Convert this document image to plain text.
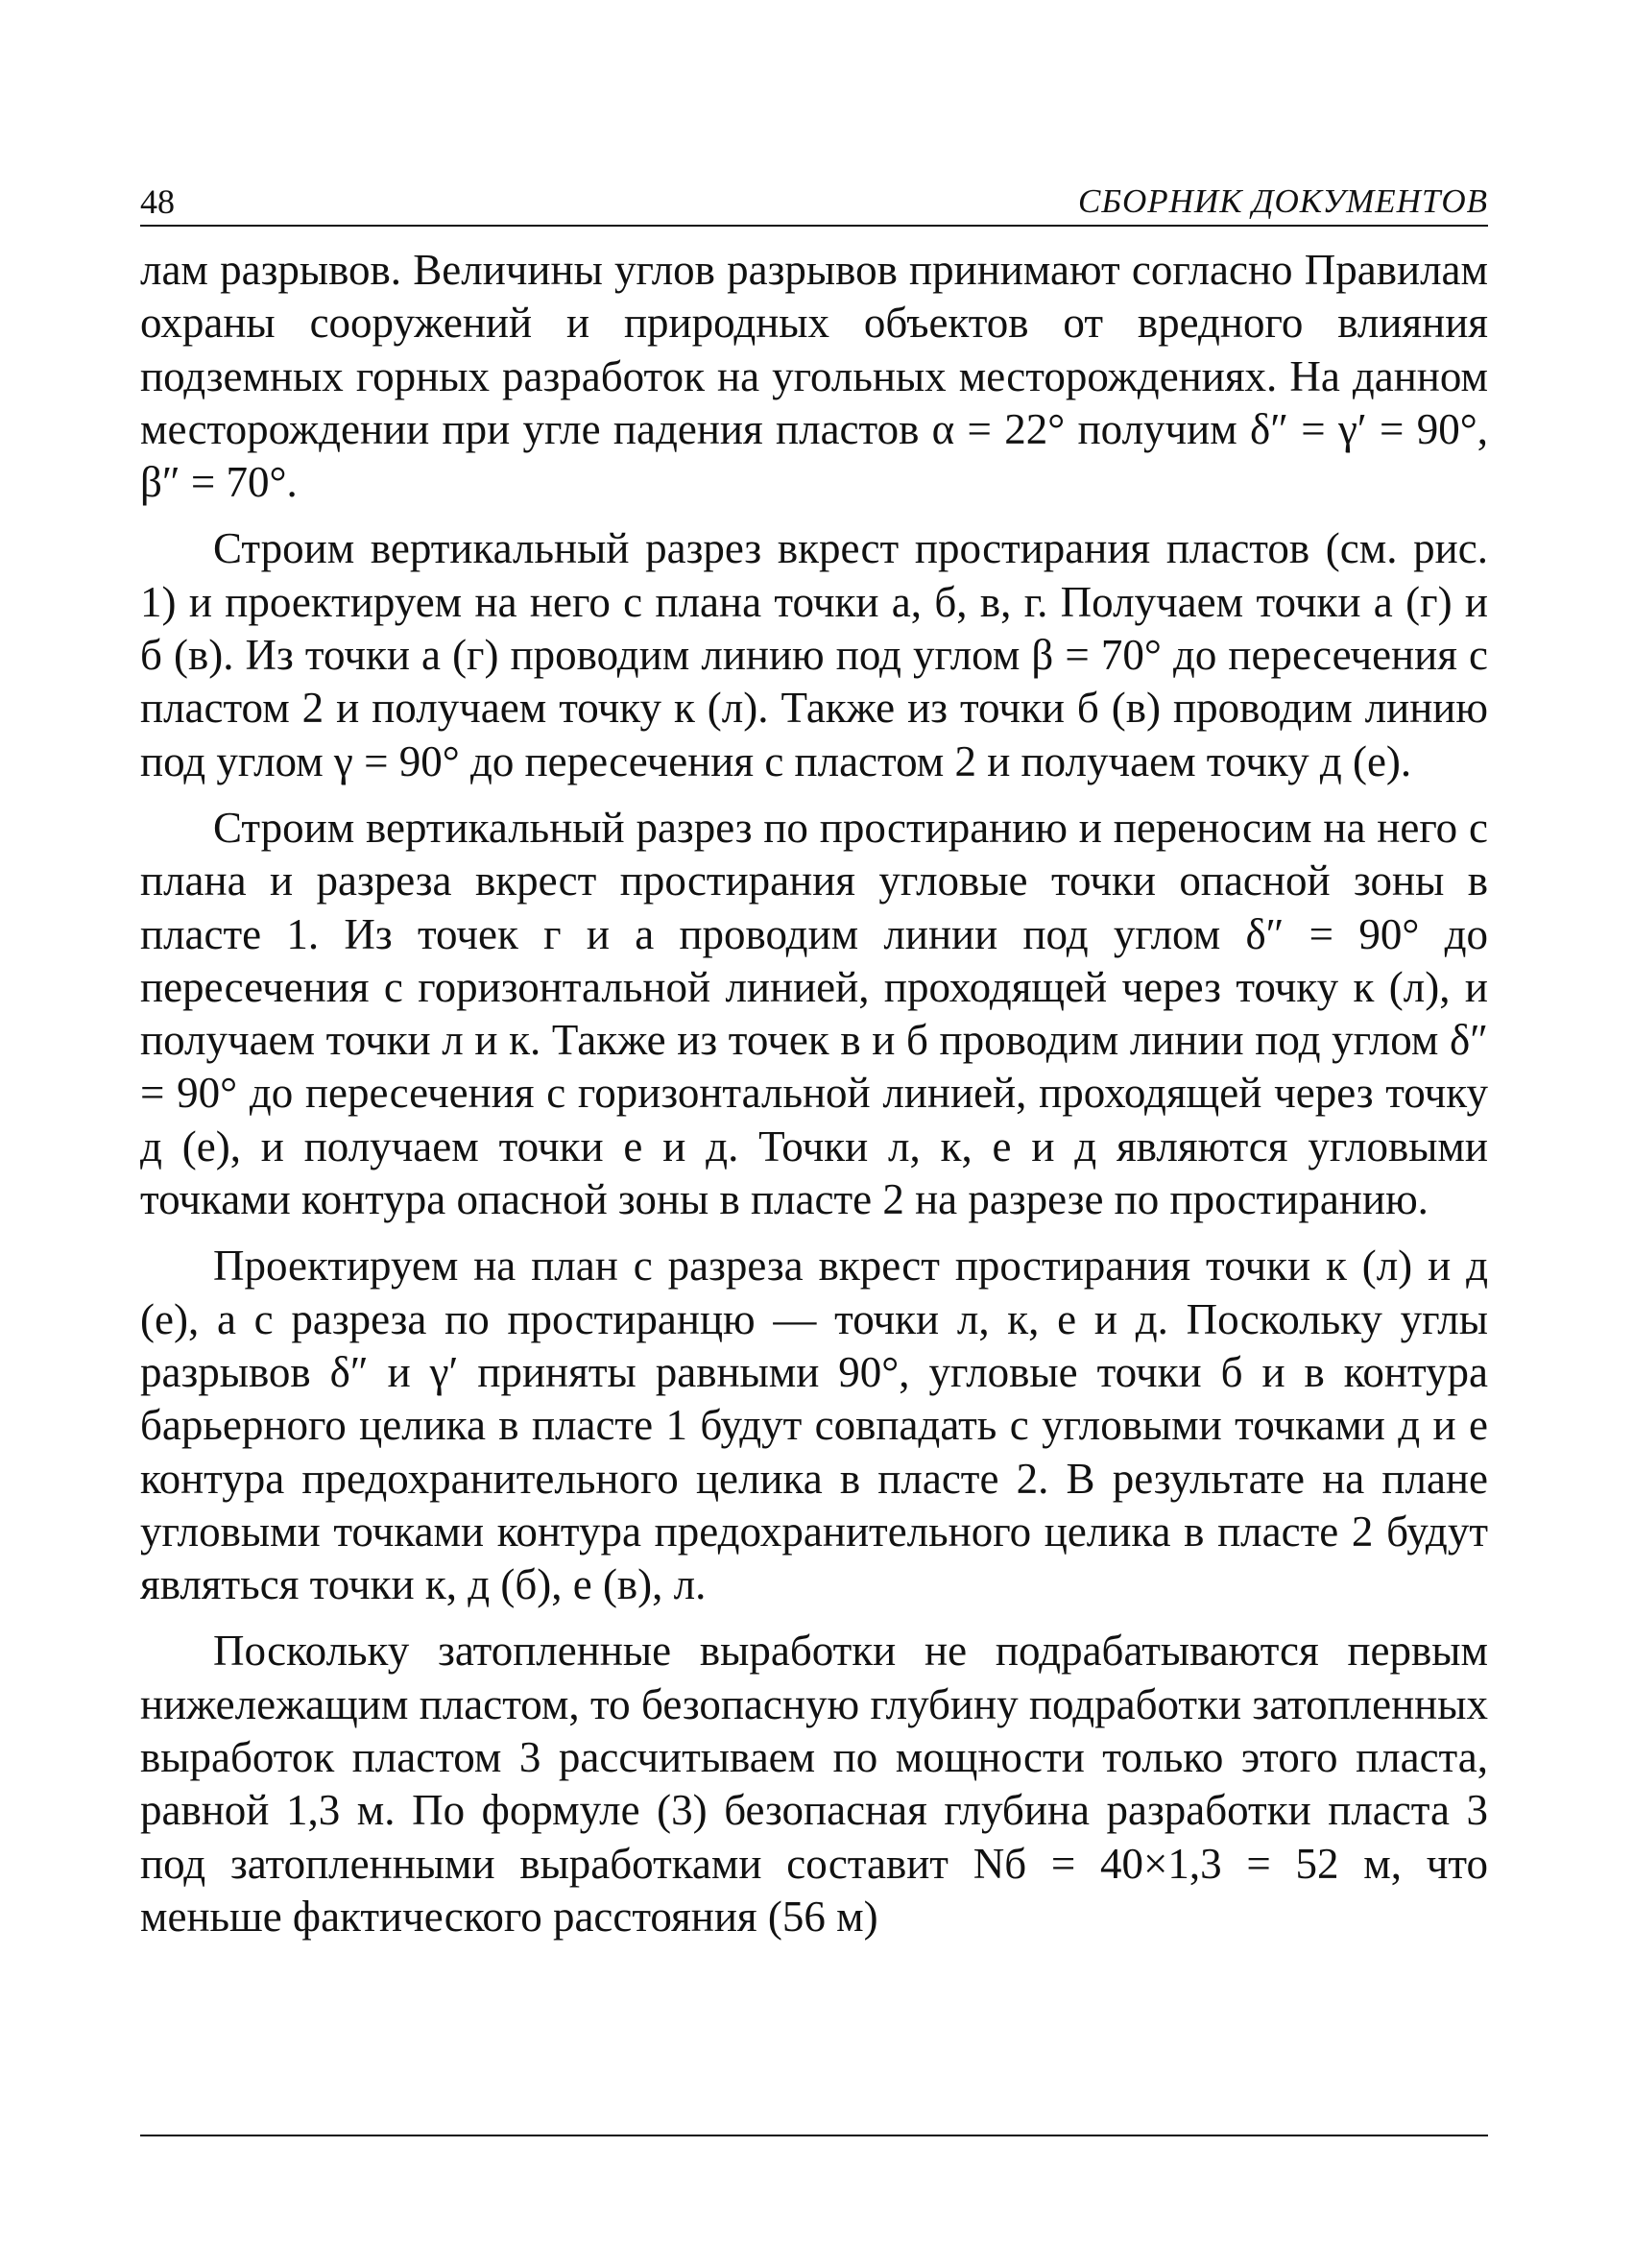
48	СБОРНИК ДОКУМЕНТОВ

лам разрывов. Величины углов разрывов принимают согласно Правилам охраны сооружений и природных объектов от вредного влияния подземных горных разработок на угольных месторождениях. На данном месторождении при угле падения пластов α = 22° получим δ″ = γ′ = 90°, β″ = 70°.

Строим вертикальный разрез вкрест простирания пластов (см. рис. 1) и проектируем на него с плана точки а, б, в, г. Получаем точки а (г) и б (в). Из точки а (г) проводим линию под углом β = 70° до пересечения с пластом 2 и получаем точку к (л). Также из точки б (в) проводим линию под углом γ = 90° до пересечения с пластом 2 и получаем точку д (е).

Строим вертикальный разрез по простиранию и переносим на него с плана и разреза вкрест простирания угловые точки опасной зоны в пласте 1. Из точек г и а проводим линии под углом δ″ = 90° до пересечения с горизонтальной линией, проходящей через точку к (л), и получаем точки л и к. Также из точек в и б проводим линии под углом δ″ = 90° до пересечения с горизонтальной линией, проходящей через точку д (е), и получаем точки е и д. Точки л, к, е и д являются угловыми точками контура опасной зоны в пласте 2 на разрезе по простиранию.

Проектируем на план с разреза вкрест простирания точки к (л) и д (е), а с разреза по простиранцю — точки л, к, е и д. Поскольку углы разрывов δ″ и γ′ приняты равными 90°, угловые точки б и в контура барьерного целика в пласте 1 будут совпадать с угловыми точками д и е контура предохранительного целика в пласте 2. В результате на плане угловыми точками контура предохранительного целика в пласте 2 будут являться точки к, д (б), е (в), л.

Поскольку затопленные выработки не подрабатываются первым нижележащим пластом, то безопасную глубину подработки затопленных выработок пластом 3 рассчитываем по мощности только этого пласта, равной 1,3 м. По формуле (3) безопасная глубина разработки пласта 3 под затопленными выработками составит Nб = 40×1,3 = 52 м, что меньше фактического расстояния (56 м)
